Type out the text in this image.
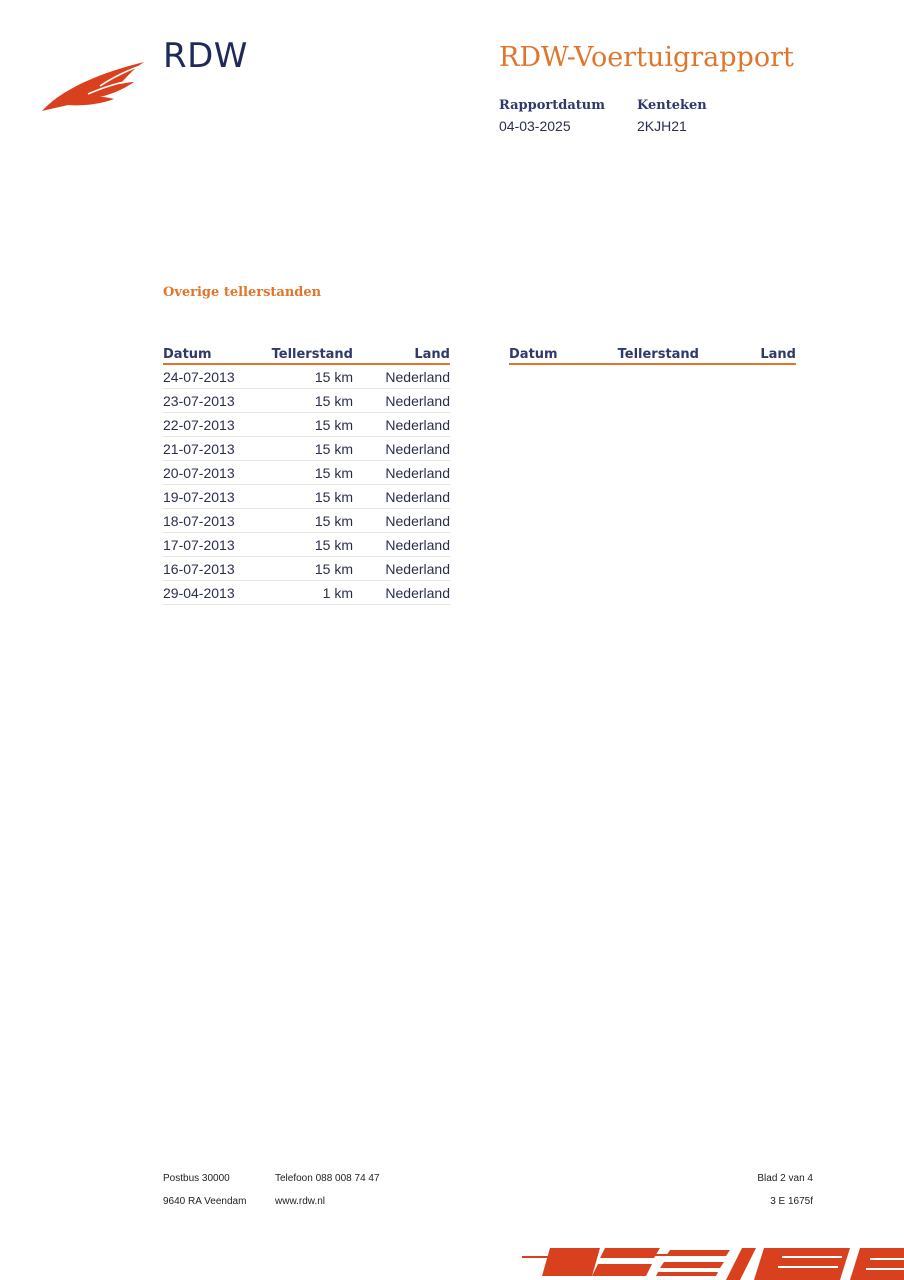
RDW	RDW-Voertuigrapport
Rapportdatum
04-03-2025
Kenteken
2KJH21
Overige tellerstanden
Datum	Tellerstand	Land
24-07-2013	15 km	Nederland
23-07-2013	15 km	Nederland
22-07-2013	15 km	Nederland
21-07-2013	15 km	Nederland
20-07-2013	15 km	Nederland
19-07-2013	15 km	Nederland
18-07-2013	15 km	Nederland
17-07-2013	15 km	Nederland
16-07-2013	15 km	Nederland
29-04-2013	1 km	Nederland
Datum	Tellerstand	Land
Postbus 30000
9640 RA Veendam
Telefoon 088 008 74 47
www.rdw.nl
Blad 2 van 4
3 E 1675f
